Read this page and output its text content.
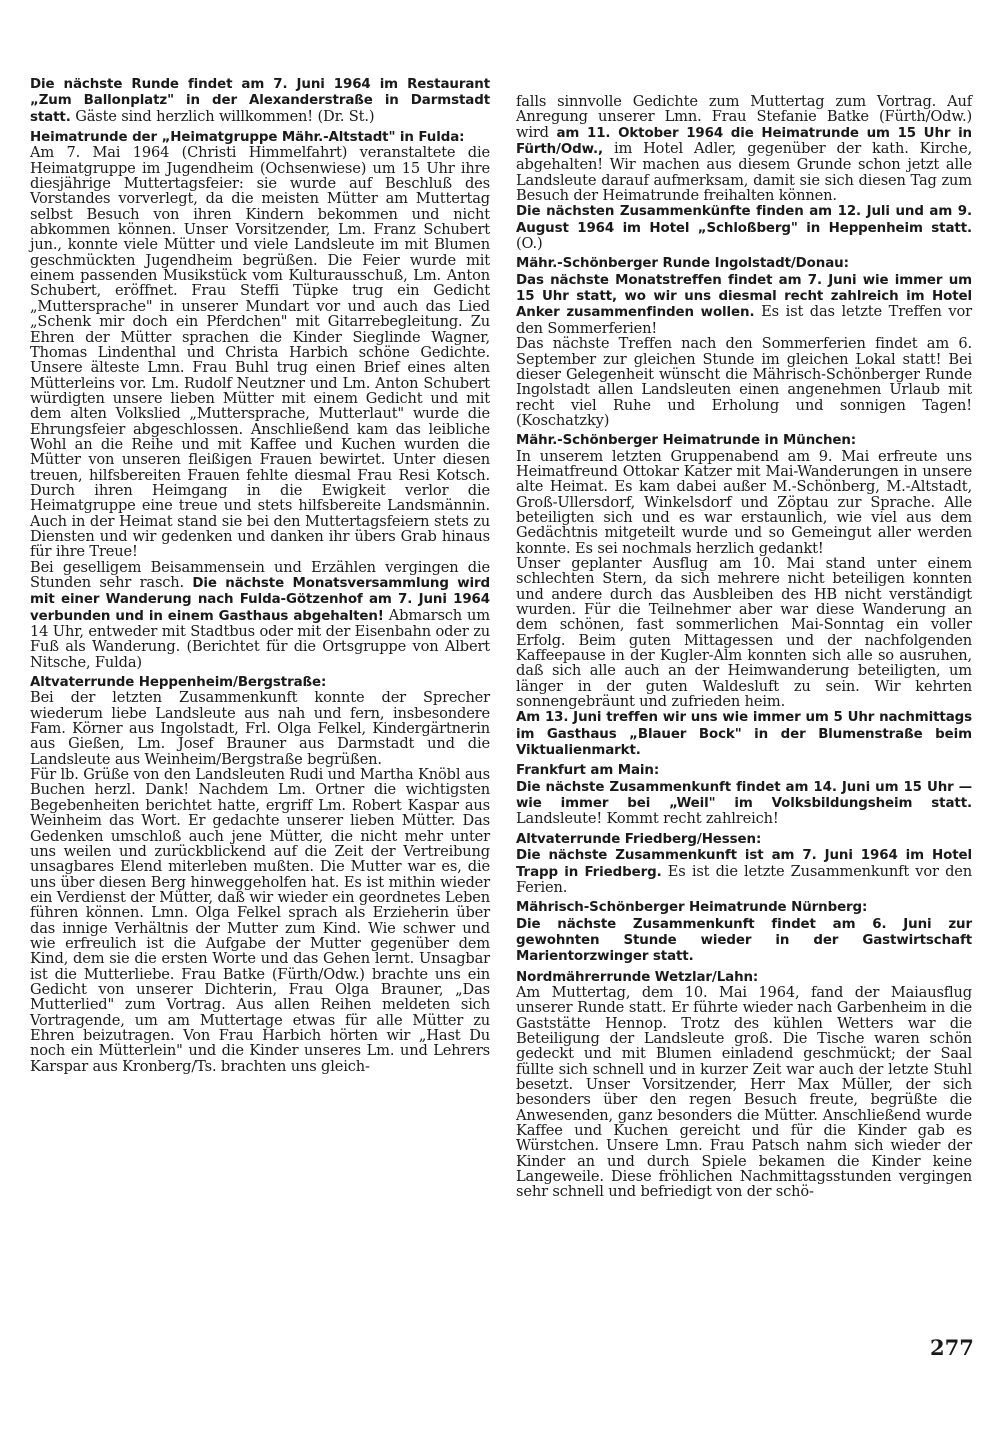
Die nächste Runde findet am 7. Juni 1964 im Restaurant „Zum Ballonplatz" in der Alexanderstraße in Darmstadt statt. Gäste sind herzlich willkommen! (Dr. St.)

Heimatrunde der „Heimatgruppe Mähr.-Altstadt" in Fulda:

Am 7. Mai 1964 (Christi Himmelfahrt) veranstaltete die Heimatgruppe im Jugendheim (Ochsenwiese) um 15 Uhr ihre diesjährige Muttertagsfeier: sie wurde auf Beschluß des Vorstandes vorverlegt, da die meisten Mütter am Muttertag selbst Besuch von ihren Kindern bekommen und nicht abkommen können. Unser Vorsitzender, Lm. Franz Schubert jun., konnte viele Mütter und viele Landsleute im mit Blumen geschmückten Jugendheim begrüßen. Die Feier wurde mit einem passenden Musikstück vom Kulturausschuß, Lm. Anton Schubert, eröffnet. Frau Steffi Tüpke trug ein Gedicht „Muttersprache" in unserer Mundart vor und auch das Lied „Schenk mir doch ein Pferdchen" mit Gitarrebegleitung. Zu Ehren der Mütter sprachen die Kinder Sieglinde Wagner, Thomas Lindenthal und Christa Harbich schöne Gedichte. Unsere älteste Lmn. Frau Buhl trug einen Brief eines alten Mütterleins vor. Lm. Rudolf Neutzner und Lm. Anton Schubert würdigten unsere lieben Mütter mit einem Gedicht und mit dem alten Volkslied „Muttersprache, Mutterlaut" wurde die Ehrungsfeier abgeschlossen. Anschließend kam das leibliche Wohl an die Reihe und mit Kaffee und Kuchen wurden die Mütter von unseren fleißigen Frauen bewirtet. Unter diesen treuen, hilfsbereiten Frauen fehlte diesmal Frau Resi Kotsch. Durch ihren Heimgang in die Ewigkeit verlor die Heimatgruppe eine treue und stets hilfsbereite Landsmännin. Auch in der Heimat stand sie bei den Muttertagsfeiern stets zu Diensten und wir gedenken und danken ihr übers Grab hinaus für ihre Treue!

Bei geselligem Beisammensein und Erzählen vergingen die Stunden sehr rasch. Die nächste Monatsversammlung wird mit einer Wanderung nach Fulda-Götzenhof am 7. Juni 1964 verbunden und in einem Gasthaus abgehalten! Abmarsch um 14 Uhr, entweder mit Stadtbus oder mit der Eisenbahn oder zu Fuß als Wanderung. (Berichtet für die Ortsgruppe von Albert Nitsche, Fulda)

Altvaterrunde Heppenheim/Bergstraße:

Bei der letzten Zusammenkunft konnte der Sprecher wiederum liebe Landsleute aus nah und fern, insbesondere Fam. Körner aus Ingolstadt, Frl. Olga Felkel, Kindergärtnerin aus Gießen, Lm. Josef Brauner aus Darmstadt und die Landsleute aus Weinheim/Bergstraße begrüßen.

Für lb. Grüße von den Landsleuten Rudi und Martha Knöbl aus Buchen herzl. Dank! Nachdem Lm. Ortner die wichtigsten Begebenheiten berichtet hatte, ergriff Lm. Robert Kaspar aus Weinheim das Wort. Er gedachte unserer lieben Mütter. Das Gedenken umschloß auch jene Mütter, die nicht mehr unter uns weilen und zurückblickend auf die Zeit der Vertreibung unsagbares Elend miterleben mußten. Die Mutter war es, die uns über diesen Berg hinweggeholfen hat. Es ist mithin wieder ein Verdienst der Mütter, daß wir wieder ein geordnetes Leben führen können. Lmn. Olga Felkel sprach als Erzieherin über das innige Verhältnis der Mutter zum Kind. Wie schwer und wie erfreulich ist die Aufgabe der Mutter gegenüber dem Kind, dem sie die ersten Worte und das Gehen lernt. Unsagbar ist die Mutterliebe. Frau Batke (Fürth/Odw.) brachte uns ein Gedicht von unserer Dichterin, Frau Olga Brauner, „Das Mutterlied" zum Vortrag. Aus allen Reihen meldeten sich Vortragende, um am Muttertage etwas für alle Mütter zu Ehren beizutragen. Von Frau Harbich hörten wir „Hast Du noch ein Mütterlein" und die Kinder unseres Lm. und Lehrers Karspar aus Kronberg/Ts. brachten uns gleich-

falls sinnvolle Gedichte zum Muttertag zum Vortrag. Auf Anregung unserer Lmn. Frau Stefanie Batke (Fürth/Odw.) wird am 11. Oktober 1964 die Heimatrunde um 15 Uhr in Fürth/Odw., im Hotel Adler, gegenüber der kath. Kirche, abgehalten! Wir machen aus diesem Grunde schon jetzt alle Landsleute darauf aufmerksam, damit sie sich diesen Tag zum Besuch der Heimatrunde freihalten können.

Die nächsten Zusammenkünfte finden am 12. Juli und am 9. August 1964 im Hotel „Schloßberg" in Heppenheim statt. (O.)

Mähr.-Schönberger Runde Ingolstadt/Donau:

Das nächste Monatstreffen findet am 7. Juni wie immer um 15 Uhr statt, wo wir uns diesmal recht zahlreich im Hotel Anker zusammenfinden wollen. Es ist das letzte Treffen vor den Sommerferien!

Das nächste Treffen nach den Sommerferien findet am 6. September zur gleichen Stunde im gleichen Lokal statt! Bei dieser Gelegenheit wünscht die Mährisch-Schönberger Runde Ingolstadt allen Landsleuten einen angenehmen Urlaub mit recht viel Ruhe und Erholung und sonnigen Tagen! (Koschatzky)

Mähr.-Schönberger Heimatrunde in München:

In unserem letzten Gruppenabend am 9. Mai erfreute uns Heimatfreund Ottokar Katzer mit Mai-Wanderungen in unsere alte Heimat. Es kam dabei außer M.-Schönberg, M.-Altstadt, Groß-Ullersdorf, Winkelsdorf und Zöptau zur Sprache. Alle beteiligten sich und es war erstaunlich, wie viel aus dem Gedächtnis mitgeteilt wurde und so Gemeingut aller werden konnte. Es sei nochmals herzlich gedankt!

Unser geplanter Ausflug am 10. Mai stand unter einem schlechten Stern, da sich mehrere nicht beteiligen konnten und andere durch das Ausbleiben des HB nicht verständigt wurden. Für die Teilnehmer aber war diese Wanderung an dem schönen, fast sommerlichen Mai-Sonntag ein voller Erfolg. Beim guten Mittagessen und der nachfolgenden Kaffeepause in der Kugler-Alm konnten sich alle so ausruhen, daß sich alle auch an der Heimwanderung beteiligten, um länger in der guten Waldesluft zu sein. Wir kehrten sonnengebräunt und zufrieden heim.

Am 13. Juni treffen wir uns wie immer um 5 Uhr nachmittags im Gasthaus „Blauer Bock" in der Blumenstraße beim Viktualienmarkt.

Frankfurt am Main:

Die nächste Zusammenkunft findet am 14. Juni um 15 Uhr — wie immer bei „Weil" im Volksbildungsheim statt. Landsleute! Kommt recht zahlreich!

Altvaterrunde Friedberg/Hessen:

Die nächste Zusammenkunft ist am 7. Juni 1964 im Hotel Trapp in Friedberg. Es ist die letzte Zusammenkunft vor den Ferien.

Mährisch-Schönberger Heimatrunde Nürnberg:

Die nächste Zusammenkunft findet am 6. Juni zur gewohnten Stunde wieder in der Gastwirtschaft Marientorzwinger statt.

Nordmährerrunde Wetzlar/Lahn:

Am Muttertag, dem 10. Mai 1964, fand der Maiausflug unserer Runde statt. Er führte wieder nach Garbenheim in die Gaststätte Hennop. Trotz des kühlen Wetters war die Beteiligung der Landsleute groß. Die Tische waren schön gedeckt und mit Blumen einladend geschmückt; der Saal füllte sich schnell und in kurzer Zeit war auch der letzte Stuhl besetzt. Unser Vorsitzender, Herr Max Müller, der sich besonders über den regen Besuch freute, begrüßte die Anwesenden, ganz besonders die Mütter. Anschließend wurde Kaffee und Kuchen gereicht und für die Kinder gab es Würstchen. Unsere Lmn. Frau Patsch nahm sich wieder der Kinder an und durch Spiele bekamen die Kinder keine Langeweile. Diese fröhlichen Nachmittagsstunden vergingen sehr schnell und befriedigt von der schö-

277
